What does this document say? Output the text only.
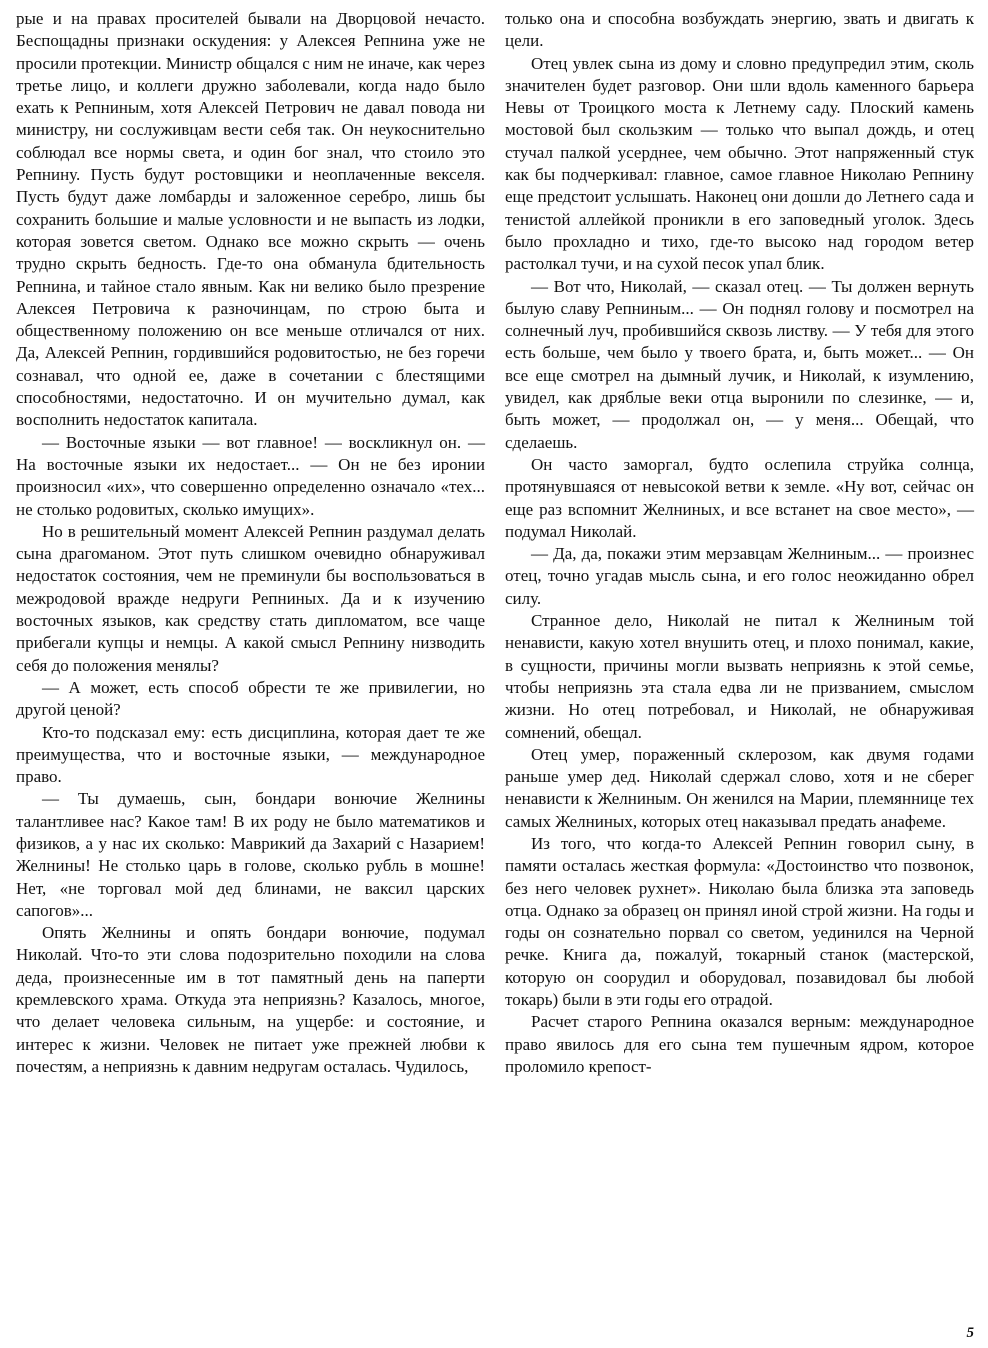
рые и на правах просителей бывали на Дворцовой нечасто. Беспощадны признаки оскудения: у Алексея Репнина уже не просили протекции. Министр общался с ним не иначе, как через третье лицо, и коллеги дружно заболевали, когда надо было ехать к Репниным, хотя Алексей Петрович не давал повода ни министру, ни сослуживцам вести себя так. Он неукоснительно соблюдал все нормы света, и один бог знал, что стоило это Репнину. Пусть будут ростовщики и неоплаченные векселя. Пусть будут даже ломбарды и заложенное серебро, лишь бы сохранить большие и малые условности и не выпасть из лодки, которая зовется светом. Однако все можно скрыть — очень трудно скрыть бедность. Где-то она обманула бдительность Репнина, и тайное стало явным. Как ни велико было презрение Алексея Петровича к разночинцам, по строю быта и общественному положению он все меньше отличался от них. Да, Алексей Репнин, гордившийся родовитостью, не без горечи сознавал, что одной ее, даже в сочетании с блестящими способностями, недостаточно. И он мучительно думал, как восполнить недостаток капитала.

— Восточные языки — вот главное! — воскликнул он. — На восточные языки их недостает... — Он не без иронии произносил «их», что совершенно определенно означало «тех... не столько родовитых, сколько имущих».

Но в решительный момент Алексей Репнин раздумал делать сына драгоманом. Этот путь слишком очевидно обнаруживал недостаток состояния, чем не преминули бы воспользоваться в межродовой вражде недруги Репниных. Да и к изучению восточных языков, как средству стать дипломатом, все чаще прибегали купцы и немцы. А какой смысл Репнину низводить себя до положения менялы?

— А может, есть способ обрести те же привилегии, но другой ценой?

Кто-то подсказал ему: есть дисциплина, которая дает те же преимущества, что и восточные языки, — международное право.

— Ты думаешь, сын, бондари вонючие Желнины талантливее нас? Какое там! В их роду не было математиков и физиков, а у нас их сколько: Маврикий да Захарий с Назарием! Желнины! Не столько царь в голове, сколько рубль в мошне! Нет, «не торговал мой дед блинами, не ваксил царских сапогов»...

Опять Желнины и опять бондари вонючие, подумал Николай. Что-то эти слова подозрительно походили на слова деда, произнесенные им в тот памятный день на паперти кремлевского храма. Откуда эта неприязнь? Казалось, многое, что делает человека сильным, на ущербе: и состояние, и интерес к жизни. Человек не питает уже прежней любви к почестям, а неприязнь к давним недругам осталась. Чудилось,

только она и способна возбуждать энергию, звать и двигать к цели.

Отец увлек сына из дому и словно предупредил этим, сколь значителен будет разговор. Они шли вдоль каменного барьера Невы от Троицкого моста к Летнему саду. Плоский камень мостовой был скользким — только что выпал дождь, и отец стучал палкой усерднее, чем обычно. Этот напряженный стук как бы подчеркивал: главное, самое главное Николаю Репнину еще предстоит услышать. Наконец они дошли до Летнего сада и тенистой аллейкой проникли в его заповедный уголок. Здесь было прохладно и тихо, где-то высоко над городом ветер растолкал тучи, и на сухой песок упал блик.

— Вот что, Николай, — сказал отец. — Ты должен вернуть былую славу Репниным... — Он поднял голову и посмотрел на солнечный луч, пробившийся сквозь листву. — У тебя для этого есть больше, чем было у твоего брата, и, быть может... — Он все еще смотрел на дымный лучик, и Николай, к изумлению, увидел, как дряблые веки отца выронили по слезинке, — и, быть может, — продолжал он, — у меня... Обещай, что сделаешь.

Он часто заморгал, будто ослепила струйка солнца, протянувшаяся от невысокой ветви к земле. «Ну вот, сейчас он еще раз вспомнит Желниных, и все встанет на свое место», — подумал Николай.

— Да, да, покажи этим мерзавцам Желниным... — произнес отец, точно угадав мысль сына, и его голос неожиданно обрел силу.

Странное дело, Николай не питал к Желниным той ненависти, какую хотел внушить отец, и плохо понимал, какие, в сущности, причины могли вызвать неприязнь к этой семье, чтобы неприязнь эта стала едва ли не призванием, смыслом жизни. Но отец потребовал, и Николай, не обнаруживая сомнений, обещал.

Отец умер, пораженный склерозом, как двумя годами раньше умер дед. Николай сдержал слово, хотя и не сберег ненависти к Желниным. Он женился на Марии, племяннице тех самых Желниных, которых отец наказывал предать анафеме.

Из того, что когда-то Алексей Репнин говорил сыну, в памяти осталась жесткая формула: «Достоинство что позвонок, без него человек рухнет». Николаю была близка эта заповедь отца. Однако за образец он принял иной строй жизни. На годы и годы он сознательно порвал со светом, уединился на Черной речке. Книга да, пожалуй, токарный станок (мастерской, которую он соорудил и оборудовал, позавидовал бы любой токарь) были в эти годы его отрадой.

Расчет старого Репнина оказался верным: международное право явилось для его сына тем пушечным ядром, которое проломило крепост-

5
